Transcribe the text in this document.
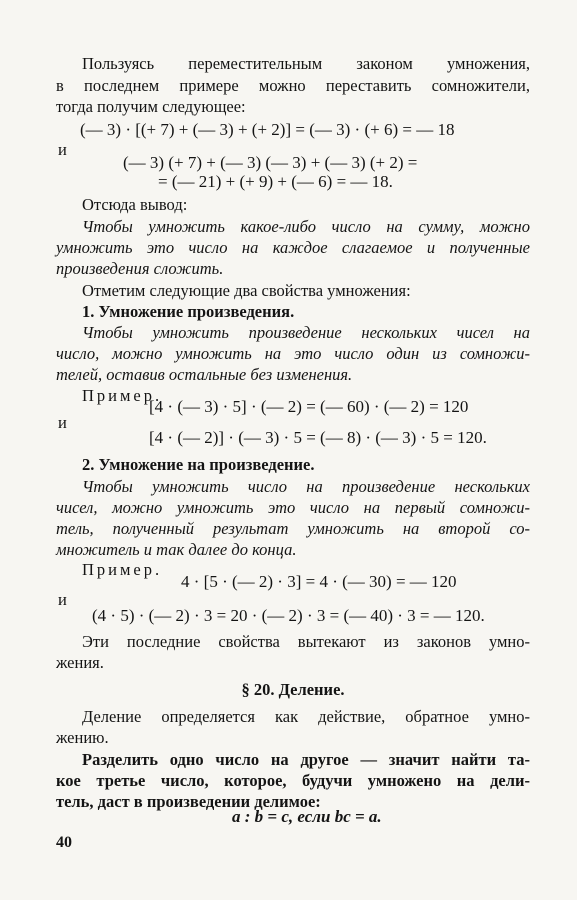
Пользуясь переместительным законом умножения,
в последнем примере можно переставить сомножители,
тогда получим следующее:
(— 3) · [(+ 7) + (— 3) + (+ 2)] = (— 3) · (+ 6) = — 18
и
(— 3) (+ 7) + (— 3) (— 3) + (— 3) (+ 2) =
= (— 21) + (+ 9) + (— 6) = — 18.
Отсюда вывод:
Чтобы умножить какое-либо число на сумму, можно
умножить это число на каждое слагаемое и полученные
произведения сложить.
Отметим следующие два свойства умножения:
1. Умножение произведения.
Чтобы умножить произведение нескольких чисел на
число, можно умножить на это число один из сомножи-
телей, оставив остальные без изменения.
Пример.
[4 · (— 3) · 5] · (— 2) = (— 60) · (— 2) = 120
и
[4 · (— 2)] · (— 3) · 5 = (— 8) · (— 3) · 5 = 120.
2. Умножение на произведение.
Чтобы умножить число на произведение нескольких
чисел, можно умножить это число на первый сомножи-
тель, полученный результат умножить на второй со-
множитель и так далее до конца.
Пример.
4 · [5 · (— 2) · 3] = 4 · (— 30) = — 120
и
(4 · 5) · (— 2) · 3 = 20 · (— 2) · 3 = (— 40) · 3 = — 120.
Эти последние свойства вытекают из законов умно-
жения.
§ 20. Деление.
Деление определяется как действие, обратное умно-
жению.
Разделить одно число на другое — значит найти та-
кое третье число, которое, будучи умножено на дели-
тель, даст в произведении делимое:
a : b = c, если bc = a.
40
